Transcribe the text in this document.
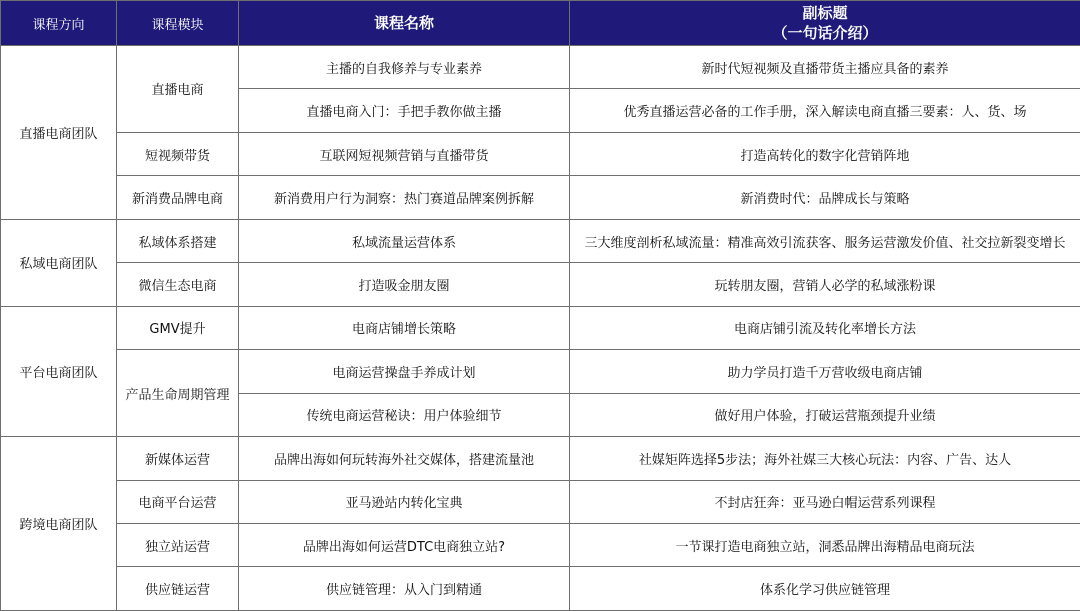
课程方向	课程模块	课程名称	副标题
（一句话介绍）

直播电商团队	直播电商	主播的自我修养与专业素养	新时代短视频及直播带货主播应具备的素养
		直播电商入门：手把手教你做主播	优秀直播运营必备的工作手册，深入解读电商直播三要素：人、货、场
	短视频带货	互联网短视频营销与直播带货	打造高转化的数字化营销阵地
	新消费品牌电商	新消费用户行为洞察：热门赛道品牌案例拆解	新消费时代：品牌成长与策略
私域电商团队	私域体系搭建	私域流量运营体系	三大维度剖析私域流量：精准高效引流获客、服务运营激发价值、社交拉新裂变增长
	微信生态电商	打造吸金朋友圈	玩转朋友圈，营销人必学的私域涨粉课
平台电商团队	GMV提升	电商店铺增长策略	电商店铺引流及转化率增长方法
	产品生命周期管理	电商运营操盘手养成计划	助力学员打造千万营收级电商店铺
		传统电商运营秘诀：用户体验细节	做好用户体验，打破运营瓶颈提升业绩
跨境电商团队	新媒体运营	品牌出海如何玩转海外社交媒体，搭建流量池	社媒矩阵选择5步法；海外社媒三大核心玩法：内容、广告、达人
	电商平台运营	亚马逊站内转化宝典	不封店狂奔：亚马逊白帽运营系列课程
	独立站运营	品牌出海如何运营DTC电商独立站?	一节课打造电商独立站，洞悉品牌出海精品电商玩法
	供应链运营	供应链管理：从入门到精通	体系化学习供应链管理
